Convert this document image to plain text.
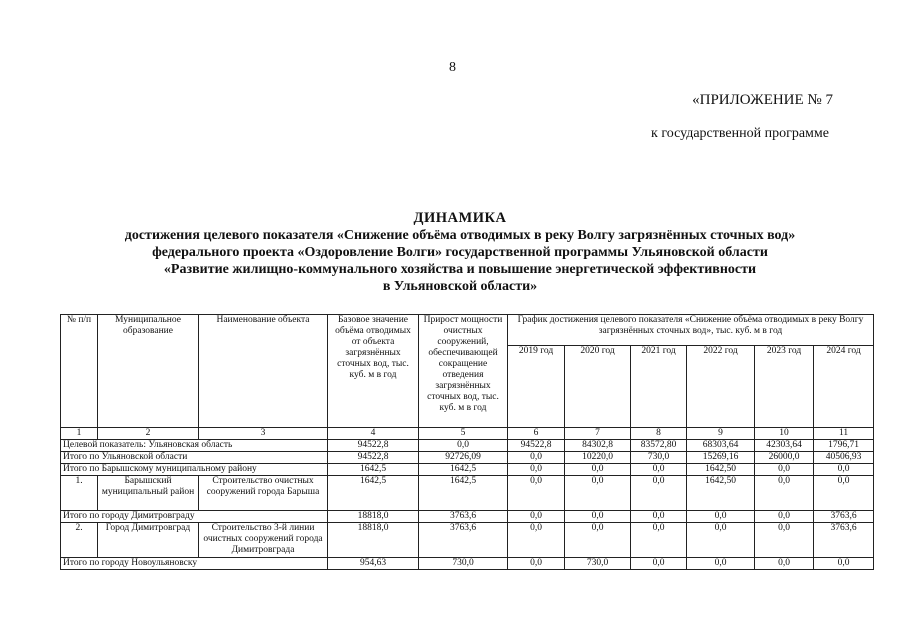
8
«ПРИЛОЖЕНИЕ № 7
к государственной программе
ДИНАМИКА
достижения целевого показателя «Снижение объёма отводимых в реку Волгу загрязнённых сточных вод»
федерального проекта «Оздоровление Волги» государственной программы Ульяновской области
«Развитие жилищно-коммунального хозяйства и повышение энергетической эффективности
в Ульяновской области»
№ п/п	Муниципальное образование	Наименование объекта	Базовое значение объёма отводимых от объекта загрязнённых сточных вод, тыс. куб. м в год	Прирост мощности очистных сооружений, обеспечивающей сокращение отведения загрязнённых сточных вод, тыс. куб. м в год	График достижения целевого показателя «Снижение объёма отводимых в реку Волгу загрязнённых сточных вод», тыс. куб. м в год					
					2019 год	2020 год	2021 год	2022 год	2023 год	2024 год
1	2	3	4	5	6	7	8	9	10	11
Целевой показатель: Ульяновская область			94522,8	0,0	94522,8	84302,8	83572,80	68303,64	42303,64	1796,71
Итого по Ульяновской области			94522,8	92726,09	0,0	10220,0	730,0	15269,16	26000,0	40506,93
Итого по Барышскому муниципальному району			1642,5	1642,5	0,0	0,0	0,0	1642,50	0,0	0,0
1.	Барышский муниципальный район	Строительство очистных сооружений города Барыша	1642,5	1642,5	0,0	0,0	0,0	1642,50	0,0	0,0
Итого по городу Димитровграду			18818,0	3763,6	0,0	0,0	0,0	0,0	0,0	3763,6
2.	Город Димитровград	Строительство 3-й линии очистных сооружений города Димитровграда	18818,0	3763,6	0,0	0,0	0,0	0,0	0,0	3763,6
Итого по городу Новоульяновску			954,63	730,0	0,0	730,0	0,0	0,0	0,0	0,0
